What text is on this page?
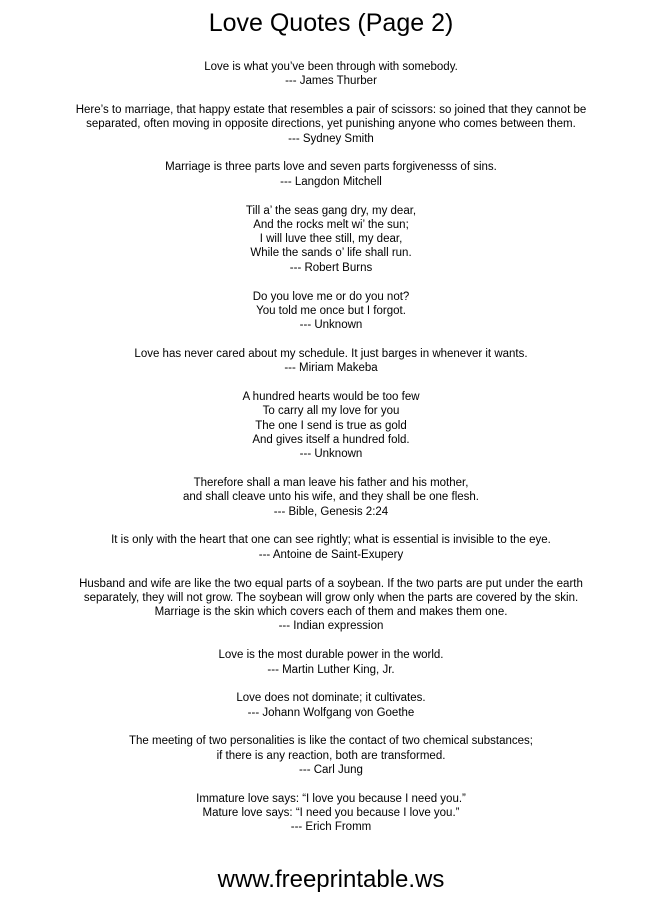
Love Quotes (Page 2)
Love is what you’ve been through with somebody.
--- James Thurber
Here’s to marriage, that happy estate that resembles a pair of scissors: so joined that they cannot be
separated, often moving in opposite directions, yet punishing anyone who comes between them.
--- Sydney Smith
Marriage is three parts love and seven parts forgivenesss of sins.
--- Langdon Mitchell
Till a’ the seas gang dry, my dear,
And the rocks melt wi’ the sun;
I will luve thee still, my dear,
While the sands o’ life shall run.
--- Robert Burns
Do you love me or do you not?
You told me once but I forgot.
--- Unknown
Love has never cared about my schedule. It just barges in whenever it wants.
--- Miriam Makeba
A hundred hearts would be too few
To carry all my love for you
The one I send is true as gold
And gives itself a hundred fold.
--- Unknown
Therefore shall a man leave his father and his mother,
and shall cleave unto his wife, and they shall be one flesh.
--- Bible, Genesis 2:24
It is only with the heart that one can see rightly; what is essential is invisible to the eye.
--- Antoine de Saint-Exupery
Husband and wife are like the two equal parts of a soybean. If the two parts are put under the earth
separately, they will not grow. The soybean will grow only when the parts are covered by the skin.
Marriage is the skin which covers each of them and makes them one.
--- Indian expression
Love is the most durable power in the world.
--- Martin Luther King, Jr.
Love does not dominate; it cultivates.
--- Johann Wolfgang von Goethe
The meeting of two personalities is like the contact of two chemical substances;
if there is any reaction, both are transformed.
--- Carl Jung
Immature love says: “I love you because I need you.”
Mature love says: “I need you because I love you.”
--- Erich Fromm
www.freeprintable.ws
